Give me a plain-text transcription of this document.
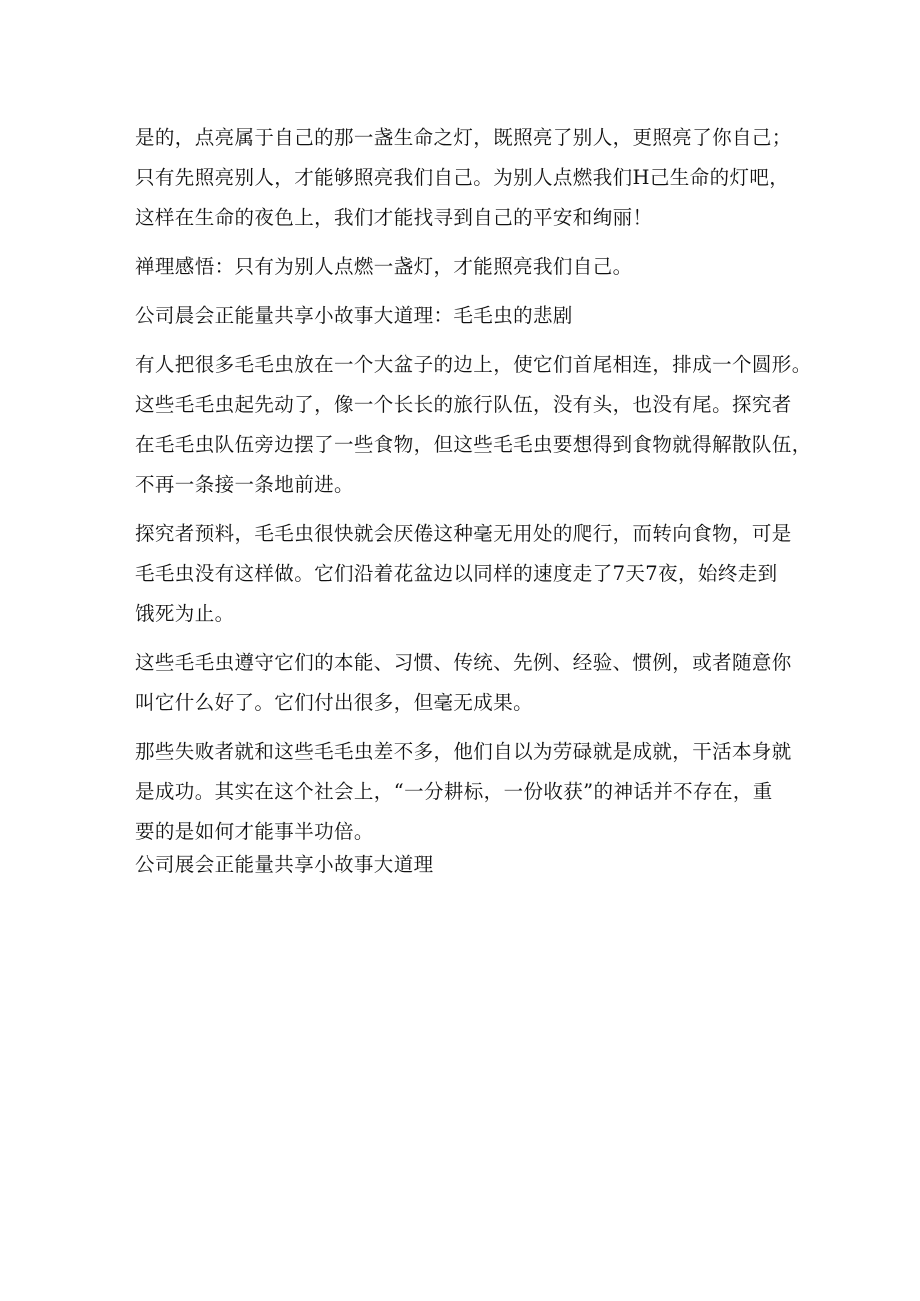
是的，点亮属于自己的那一盏生命之灯，既照亮了别人，更照亮了你自己；
只有先照亮别人，才能够照亮我们自己。为别人点燃我们H己生命的灯吧，
这样在生命的夜色上，我们才能找寻到自己的平安和绚丽！
禅理感悟：只有为别人点燃一盏灯，才能照亮我们自己。
公司晨会正能量共享小故事大道理：毛毛虫的悲剧
有人把很多毛毛虫放在一个大盆子的边上，使它们首尾相连，排成一个圆形。
这些毛毛虫起先动了，像一个长长的旅行队伍，没有头，也没有尾。探究者
在毛毛虫队伍旁边摆了一些食物，但这些毛毛虫要想得到食物就得解散队伍，
不再一条接一条地前进。
探究者预料，毛毛虫很快就会厌倦这种毫无用处的爬行，而转向食物，可是
毛毛虫没有这样做。它们沿着花盆边以同样的速度走了7天7夜，始终走到
饿死为止。
这些毛毛虫遵守它们的本能、习惯、传统、先例、经验、惯例，或者随意你
叫它什么好了。它们付出很多，但毫无成果。
那些失败者就和这些毛毛虫差不多，他们自以为劳碌就是成就，干活本身就
是成功。其实在这个社会上，“一分耕标，一份收获”的神话并不存在，重
要的是如何才能事半功倍。
公司展会正能量共享小故事大道理
